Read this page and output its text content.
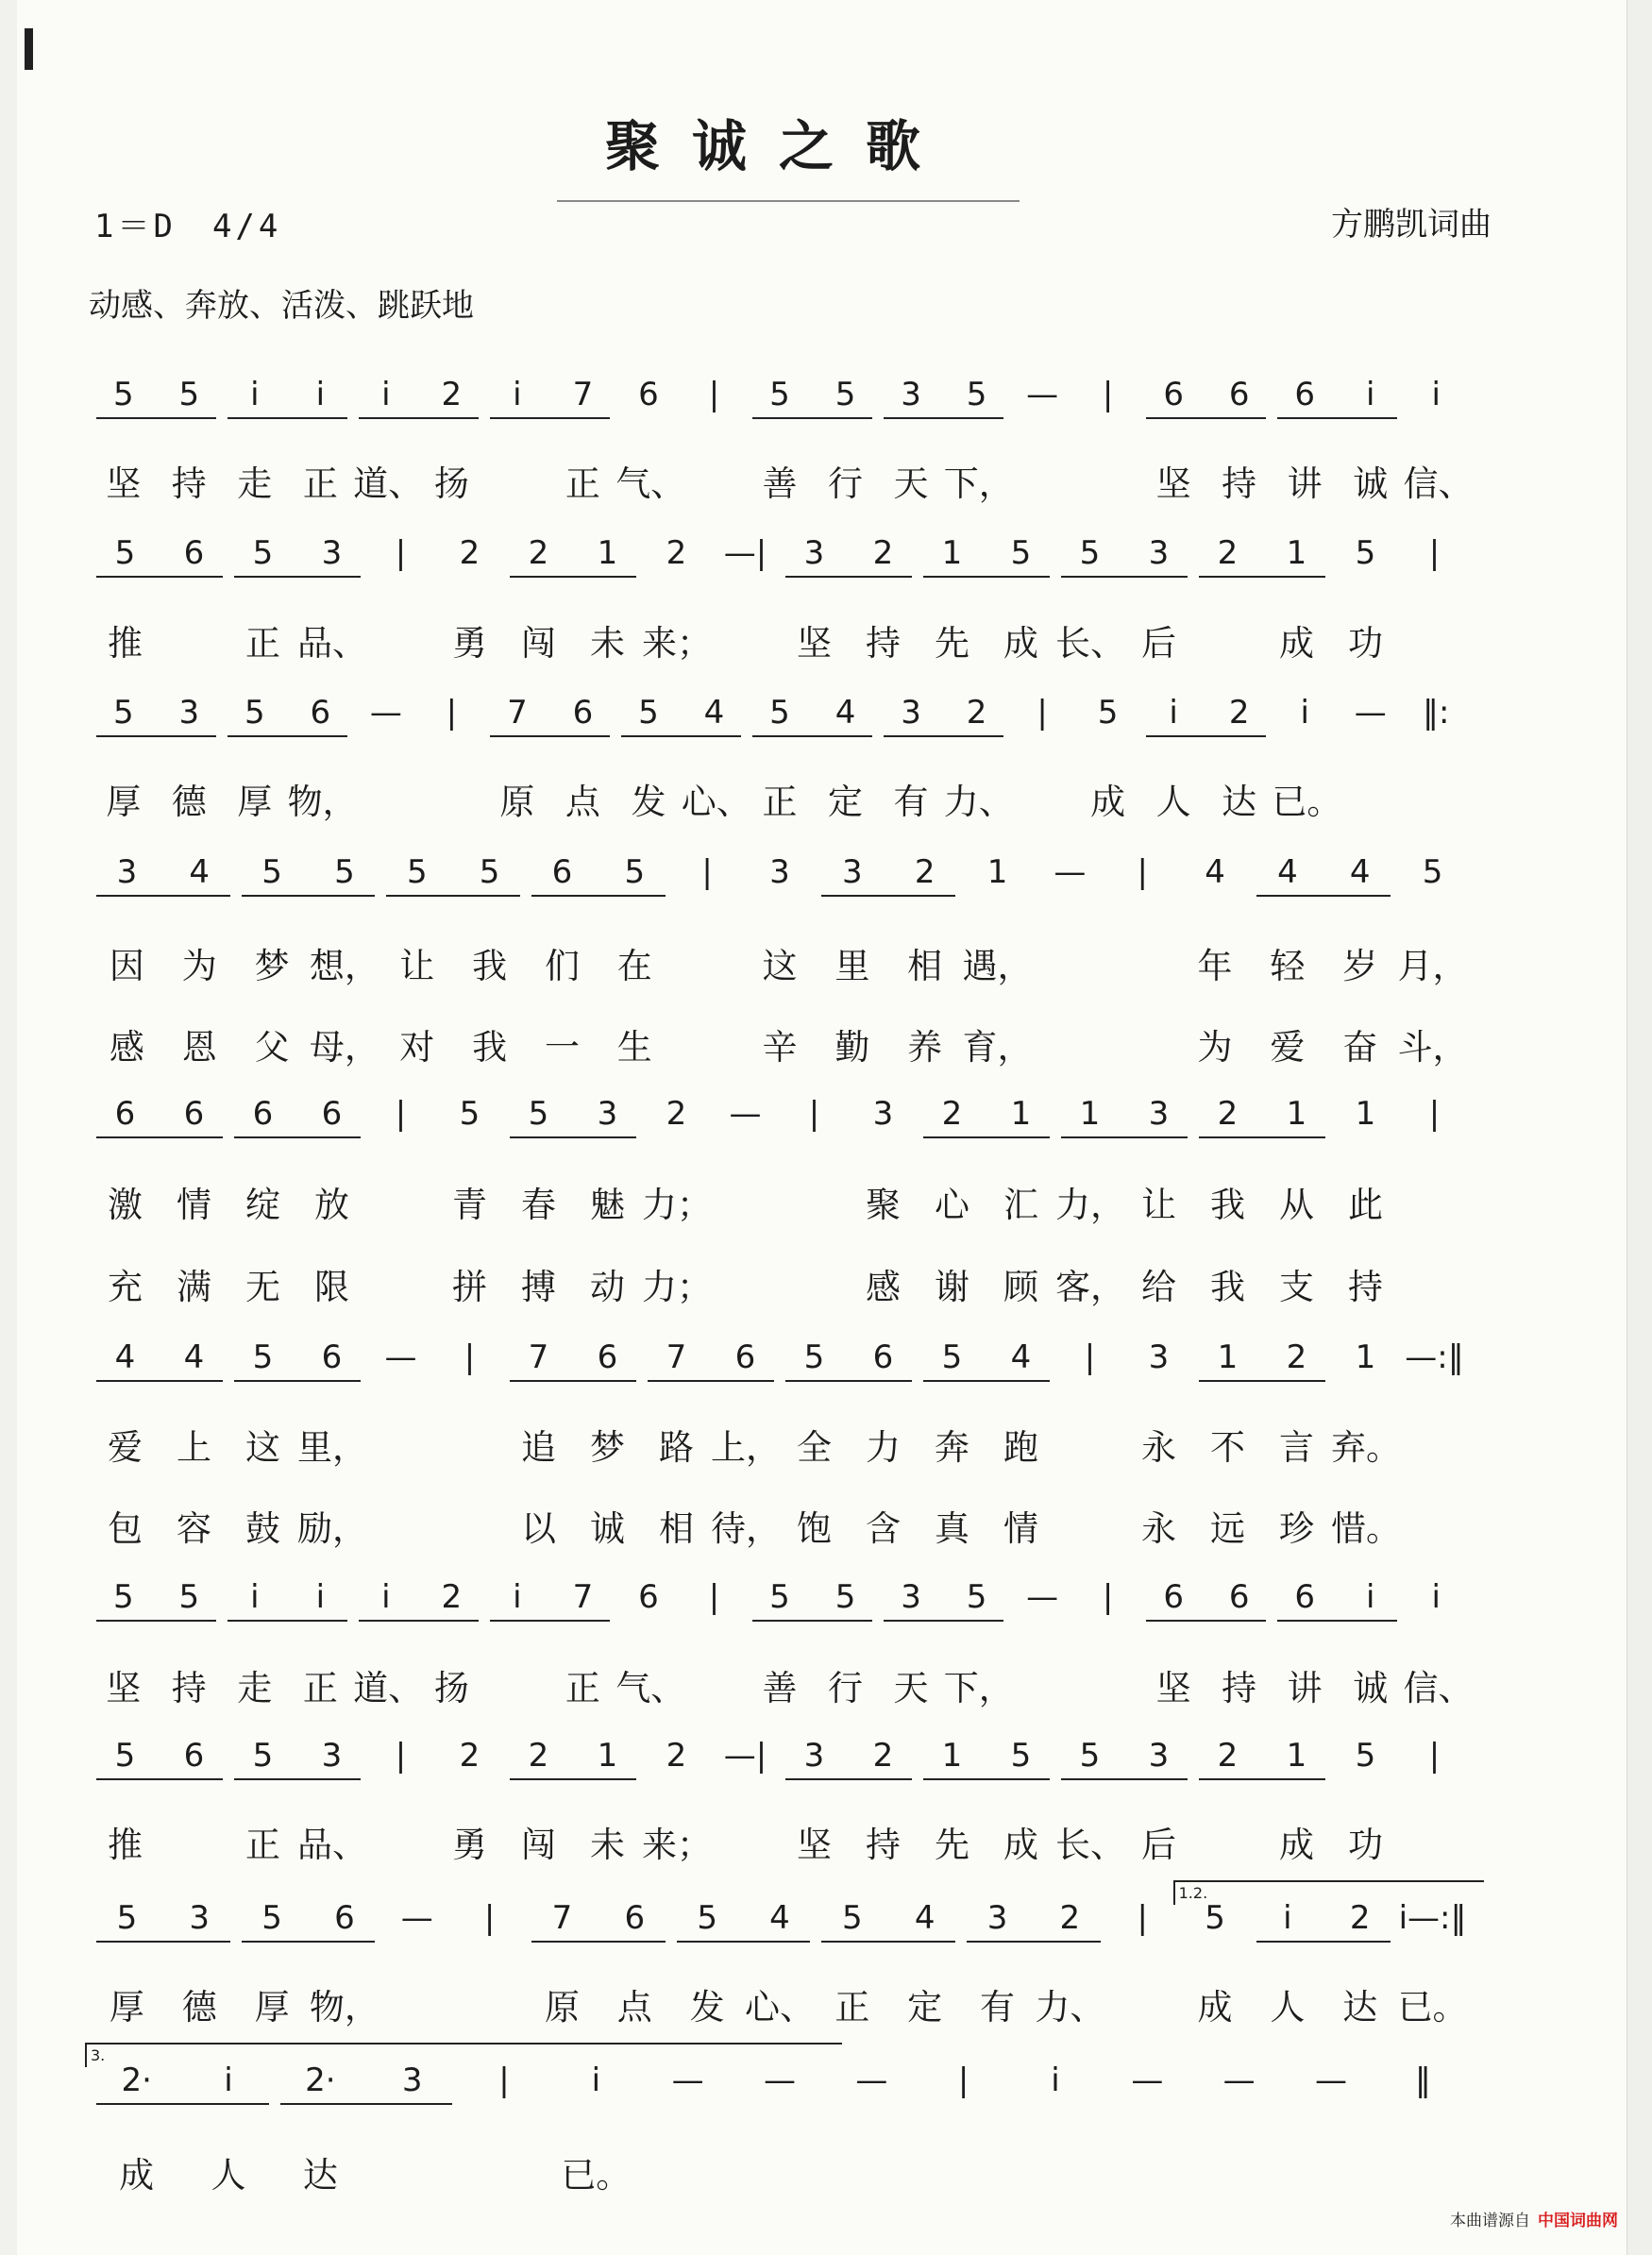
聚诚之歌
1＝D　4/4	方鹏凯词曲
动感、奔放、活泼、跳跃地
5	5	i	i	i	2	i	7	6	|	5	5	3	5	—	|	6	6	6	i	i
坚 持 走 正 道、 扬	正 气、	善 行 天 下，	坚 持 讲 诚 信、
5	6	5	3	|	2	2	1	2	—|	3	2	1	5	5	3	2	1	5	|
推	正 品、	勇 闯 未 来；	坚 持 先 成 长、 后	成 功
5	3	5	6	—	|	7	6	5	4	5	4	3	2	|	5	i	2	i	—	‖:
厚 德 厚 物，	原 点 发 心、 正 定 有 力、	成 人 达 已。
3	4	5	5	5	5	6	5	|	3	3	2	1	—	|	4	4	4	5
因	为	梦 想， 让	我	们	在	这	里	相 遇，	年	轻	岁 月，
感	恩	父 母， 对	我	一	生	辛	勤	养 育，	为	爱	奋 斗，
6	6	6	6	|	5	5	3	2	—	|	3	2	1	1	3	2	1	1	|
激 情 绽 放	青 春 魅 力；	聚 心 汇 力， 让 我 从 此
充 满 无 限	拼 搏 动 力；	感 谢 顾 客， 给 我 支 持
4	4	5	6	—	|	7	6	7	6	5	6	5	4	|	3	1	2	1 —:‖
爱 上 这 里，	追 梦 路 上， 全 力 奔 跑	永 不 言 弃。
包 容 鼓 励，	以 诚 相 待， 饱 含 真 情	永 远 珍 惜。
5	5	i	i	i	2	i	7	6	|	5	5	3	5	—	|	6	6	6	i	i
坚 持 走 正 道、 扬	正 气、	善 行 天 下，	坚 持 讲 诚 信、
5	6	5	3	|	2	2	1	2	—|	3	2	1	5	5	3	2	1	5	|
推	正 品、	勇 闯 未 来；	坚 持 先 成 长、 后	成 功
5	3	5	6	—	|	7	6	5	4	5	4	3	2	|	5	i	2 i—:‖
1.2.
厚	德	厚 物，	原	点	发 心、 正	定	有 力、	成	人	达 已。
2·	i	2·	3	|	i	—	—	—	|	i	—	—	—	‖
3.
成	人	达	已。
本曲谱源自 中国词曲网
